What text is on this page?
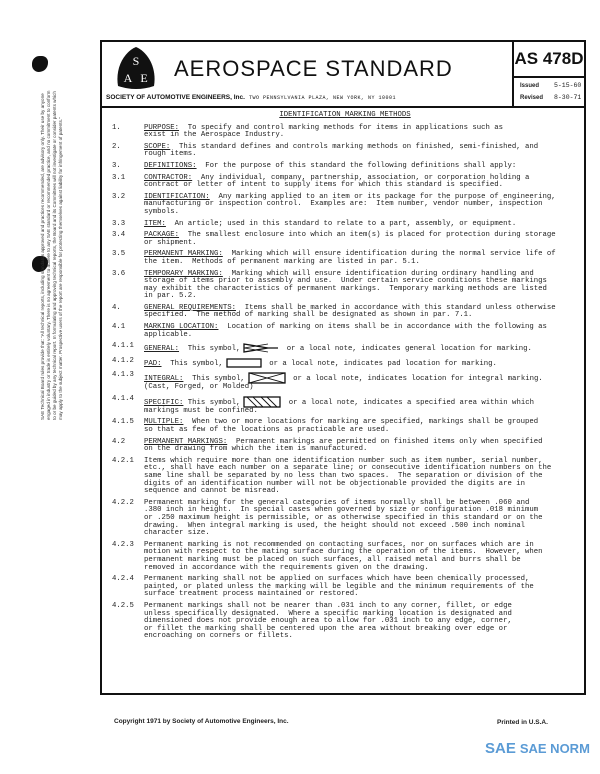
SAE Technical Board rules provide that: "All technical reports, including standards approved and practices recommended, are advisory only. Their use by anyone engaged in industry or trade is entirely voluntary. There is no agreement to adhere to any SAE standard or recommended practice, and no commitment to conform to or be guided by any technical report. In formulating and approving technical reports, the Board and its Committees will not investigate or consider patents which may apply to the subject matter. Prospective users of the report are responsible for protecting themselves against liability for infringement of patents."
S
A E AEROSPACE STANDARD
SOCIETY OF AUTOMOTIVE ENGINEERS, Inc. TWO PENNSYLVANIA PLAZA, NEW YORK, NY 10001
AS 478D
Issued 5-15-60
Revised 8-30-71
IDENTIFICATION MARKING METHODS
1.	PURPOSE:  To specify and control marking methods for items in applications such as
exist in the Aerospace Industry.
2.	SCOPE:  This standard defines and controls marking methods on finished, semi-finished, and
rough items.
3.	DEFINITIONS:  For the purpose of this standard the following definitions shall apply:
3.1	CONTRACTOR:  Any individual, company, partnership, association, or corporation holding a
contract or letter of intent to supply items for which this standard is specified.
3.2	IDENTIFICATION:  Any marking applied to an item or its package for the purpose of engineering,
manufacturing or inspection control.  Examples are:  Item number, vendor number, inspection
symbols.
3.3	ITEM:  An article; used in this standard to relate to a part, assembly, or equipment.
3.4	PACKAGE:  The smallest enclosure into which an item(s) is placed for protection during storage
or shipment.
3.5	PERMANENT MARKING:  Marking which will ensure identification during the normal service life of
the item.  Methods of permanent marking are listed in par. 5.1.
3.6	TEMPORARY MARKING:  Marking which will ensure identification during ordinary handling and
storage of items prior to assembly and use.  Under certain service conditions these markings
may exhibit the characteristics of permanent markings.  Temporary marking methods are listed
in par. 5.2.
4.	GENERAL REQUIREMENTS:  Items shall be marked in accordance with this standard unless otherwise
specified.  The method of marking shall be designated as shown in par. 7.1.
4.1	MARKING LOCATION:  Location of marking on items shall be in accordance with the following as
applicable.
4.1.1	GENERAL:  This symbol,	or a local note, indicates general location for marking.
4.1.2	PAD:  This symbol,	or a local note, indicates pad location for marking.
4.1.3	INTEGRAL:  This symbol,	or a local note, indicates location for integral marking.
(Cast, Forged, or Molded)
4.1.4	SPECIFIC: This symbol,	or a local note, indicates a specified area within which
markings must be confined.
4.1.5	MULTIPLE:  When two or more locations for marking are specified, markings shall be grouped
so that as few of the locations as practicable are used.
4.2	PERMANENT MARKINGS:  Permanent markings are permitted on finished items only when specified
on the drawing from which the item is manufactured.
4.2.1	Items which require more than one identification number such as item number, serial number,
etc., shall have each number on a separate line; or consecutive identification numbers on the
same line shall be separated by no less than two spaces.  The separation or division of the
digits of an identification number will not be objectionable provided the digits are in
sequence and cannot be misread.
4.2.2	Permanent marking for the general categories of items normally shall be between .060 and
.380 inch in height.  In special cases when governed by size or configuration .018 minimum
or .250 maximum height is permissible, or as otherwise specified in this standard or on the
drawing.  When integral marking is used, the height should not exceed .500 inch nominal
character size.
4.2.3	Permanent marking is not recommended on contacting surfaces, nor on surfaces which are in
motion with respect to the mating surface during the operation of the items.  However, when
permanent marking must be placed on such surfaces, all raised metal and burrs shall be
removed in accordance with the requirements given on the drawing.
4.2.4	Permanent marking shall not be applied on surfaces which have been chemically processed,
painted, or plated unless the marking will be legible and the minimum requirements of the
surface treatment process maintained or restored.
4.2.5	Permanent markings shall not be nearer than .031 inch to any corner, fillet, or edge
unless specifically designated.  Where a specific marking location is designated and
dimensioned does not provide enough area to allow for .031 inch to any edge, corner,
or fillet the marking shall be centered upon the area without breaking over edge or
encroaching on corners or fillets.
Copyright 1971 by Society of Automotive Engineers, Inc.	Printed in U.S.A.
SAE SAE NORM
